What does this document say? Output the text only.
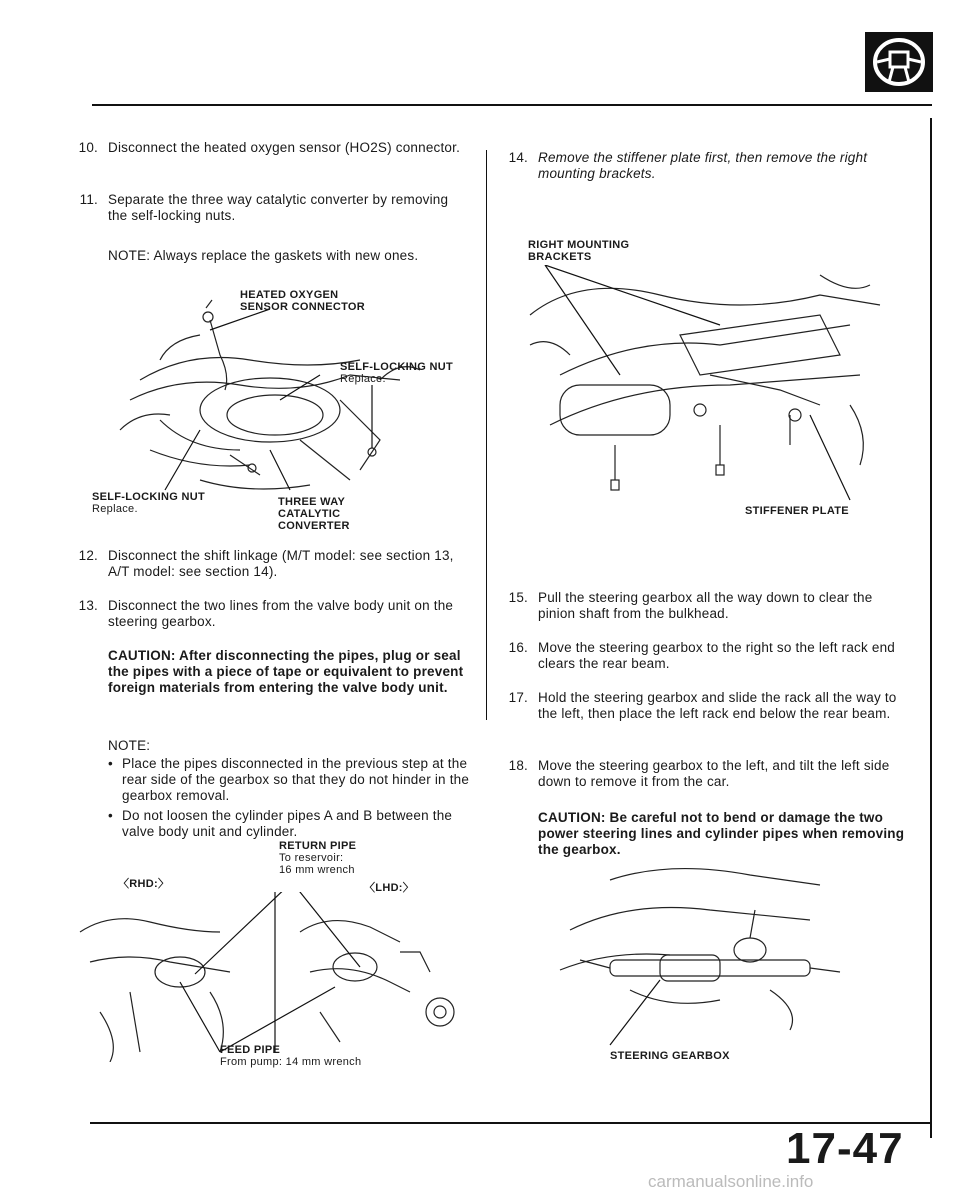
10. Disconnect the heated oxygen sensor (HO2S) connector.
11. Separate the three way catalytic converter by removing the self-locking nuts.
NOTE: Always replace the gaskets with new ones.
HEATED OXYGEN
SENSOR CONNECTOR
SELF-LOCKING NUT
Replace.
SELF-LOCKING NUT
Replace.
THREE WAY
CATALYTIC
CONVERTER
12. Disconnect the shift linkage (M/T model: see section 13, A/T model: see section 14).
13. Disconnect the two lines from the valve body unit on the steering gearbox.
CAUTION: After disconnecting the pipes, plug or seal the pipes with a piece of tape or equivalent to prevent foreign materials from entering the valve body unit.
NOTE:
• Place the pipes disconnected in the previous step at the rear side of the gearbox so that they do not hinder in the gearbox removal.
• Do not loosen the cylinder pipes A and B between the valve body unit and cylinder.
RETURN PIPE
To reservoir:
16 mm wrench
〈RHD:〉	〈LHD:〉
FEED PIPE
From pump: 14 mm wrench
14. Remove the stiffener plate first, then remove the right mounting brackets.
RIGHT MOUNTING
BRACKETS
STIFFENER PLATE
15. Pull the steering gearbox all the way down to clear the pinion shaft from the bulkhead.
16. Move the steering gearbox to the right so the left rack end clears the rear beam.
17. Hold the steering gearbox and slide the rack all the way to the left, then place the left rack end below the rear beam.
18. Move the steering gearbox to the left, and tilt the left side down to remove it from the car.
CAUTION: Be careful not to bend or damage the two power steering lines and cylinder pipes when removing the gearbox.
STEERING GEARBOX
17-47
carmanualsonline.info
